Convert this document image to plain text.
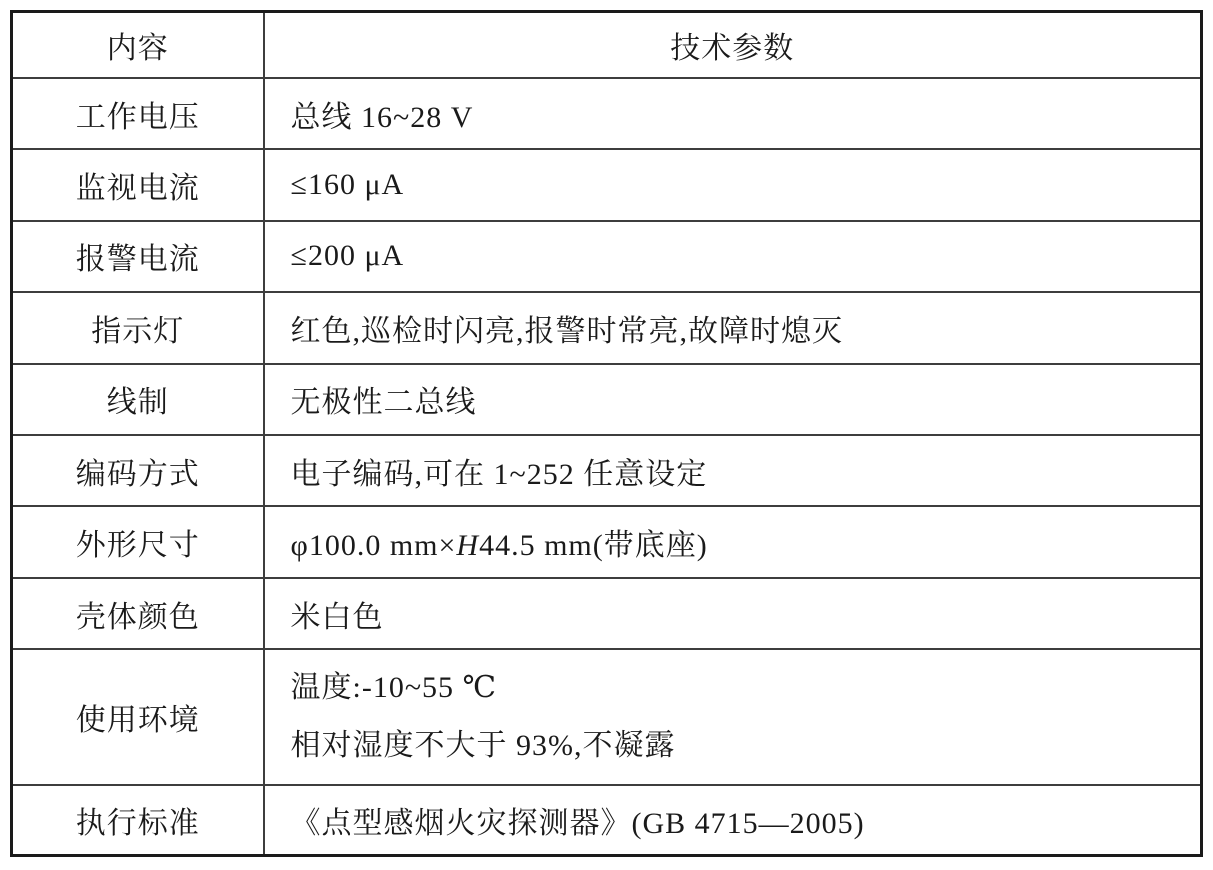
内容	技术参数
工作电压	总线 16~28 V
监视电流	≤160 μA
报警电流	≤200 μA
指示灯	红色,巡检时闪亮,报警时常亮,故障时熄灭
线制	无极性二总线
编码方式	电子编码,可在 1~252 任意设定
外形尺寸	φ100.0 mm×H44.5 mm(带底座)
壳体颜色	米白色
使用环境	温度:-10~55 ℃
相对湿度不大于 93%,不凝露

执行标准	《点型感烟火灾探测器》(GB 4715—2005)
